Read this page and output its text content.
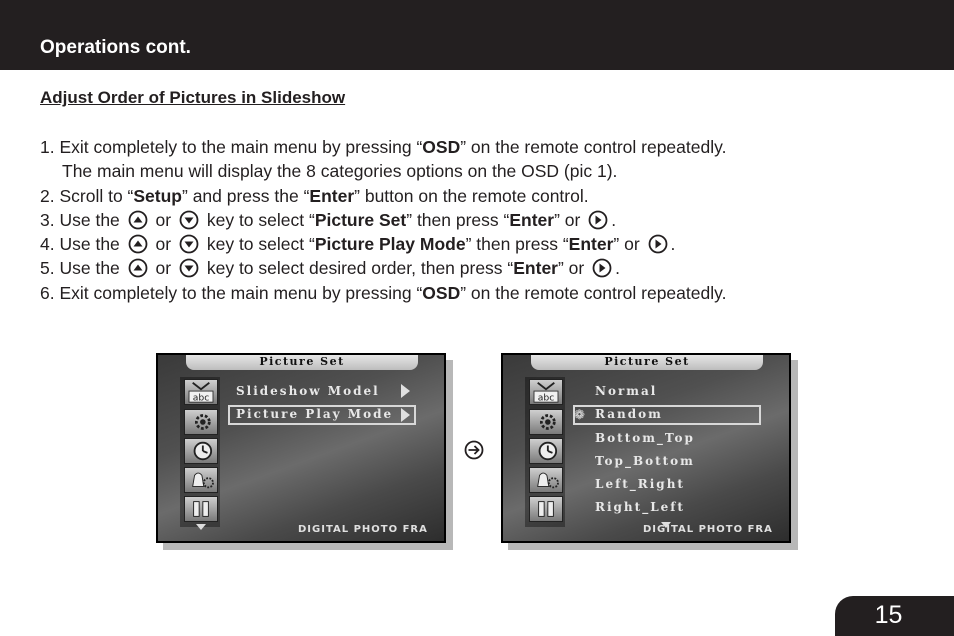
Operations cont.
Adjust Order of Pictures in Slideshow
1. Exit completely to the main menu by pressing “OSD” on the remote control repeatedly.
The main menu will display the 8 categories options on the OSD (pic 1).
2. Scroll to “Setup” and press the “Enter” button on the remote control.
3. Use the or key to select “Picture Set” then press “Enter” or .
4. Use the or key to select “Picture Play Mode” then press “Enter” or .
5. Use the or key to select desired order, then press “Enter” or .
6. Exit completely to the main menu by pressing “OSD” on the remote control repeatedly.
Picture Set
abc Slideshow Model
Picture Play Mode
DIGITAL PHOTO FRA
Picture Set
abc	Normal
❁ Random
Bottom_Top
Top_Bottom
Left_Right
Right_Left
DIGITAL PHOTO FRA
15
